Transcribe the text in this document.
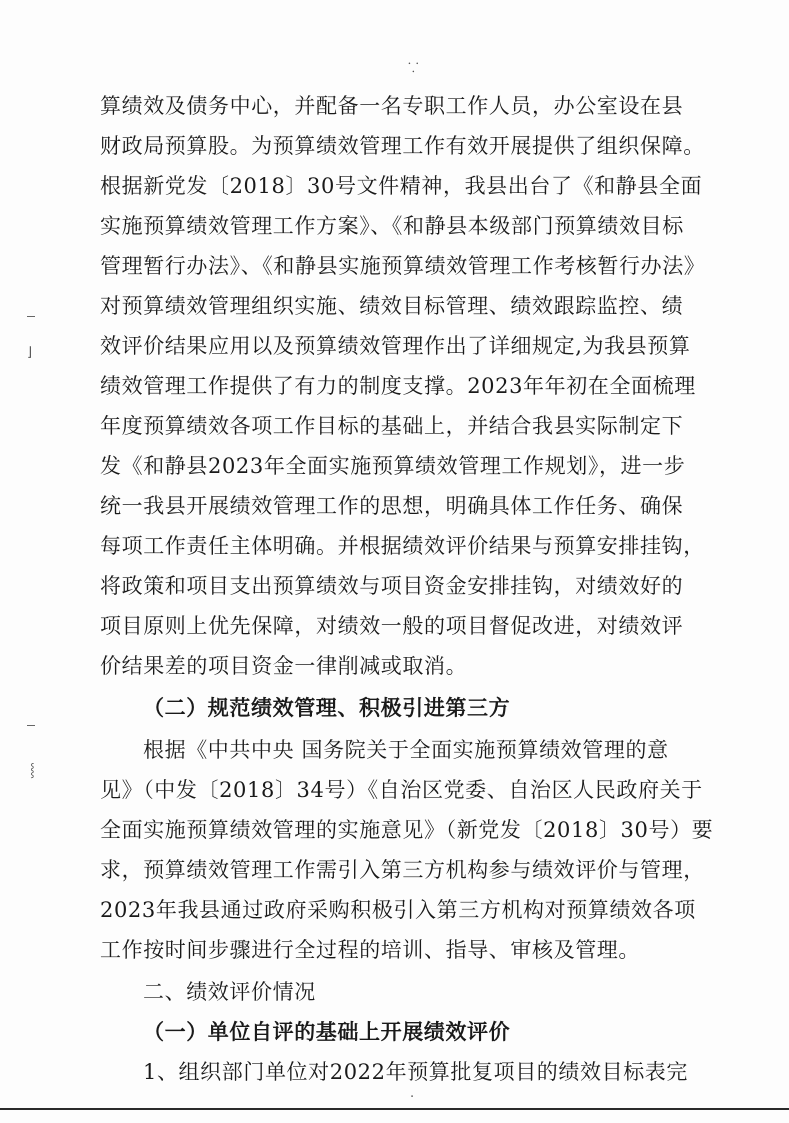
算绩效及债务中心，并配备一名专职工作人员，办公室设在县
财政局预算股。为预算绩效管理工作有效开展提供了组织保障。
根据新党发〔2018〕30号文件精神，我县出台了《和静县全面
实施预算绩效管理工作方案》、《和静县本级部门预算绩效目标
管理暂行办法》、《和静县实施预算绩效管理工作考核暂行办法》
对预算绩效管理组织实施、绩效目标管理、绩效跟踪监控、绩
效评价结果应用以及预算绩效管理作出了详细规定,为我县预算
绩效管理工作提供了有力的制度支撑。2023年年初在全面梳理
年度预算绩效各项工作目标的基础上，并结合我县实际制定下
发《和静县2023年全面实施预算绩效管理工作规划》，进一步
统一我县开展绩效管理工作的思想，明确具体工作任务、确保
每项工作责任主体明确。并根据绩效评价结果与预算安排挂钩，
将政策和项目支出预算绩效与项目资金安排挂钩，对绩效好的
项目原则上优先保障，对绩效一般的项目督促改进，对绩效评
价结果差的项目资金一律削减或取消。
（二）规范绩效管理、积极引进第三方
根据《中共中央 国务院关于全面实施预算绩效管理的意
见》（中发〔2018〕34号）《自治区党委、自治区人民政府关于
全面实施预算绩效管理的实施意见》（新党发〔2018〕30号）要
求，预算绩效管理工作需引入第三方机构参与绩效评价与管理，
2023年我县通过政府采购积极引入第三方机构对预算绩效各项
工作按时间步骤进行全过程的培训、指导、审核及管理。
二、绩效评价情况
（一）单位自评的基础上开展绩效评价
1、组织部门单位对2022年预算批复项目的绩效目标表完
⸪
⌋
⸾
·
